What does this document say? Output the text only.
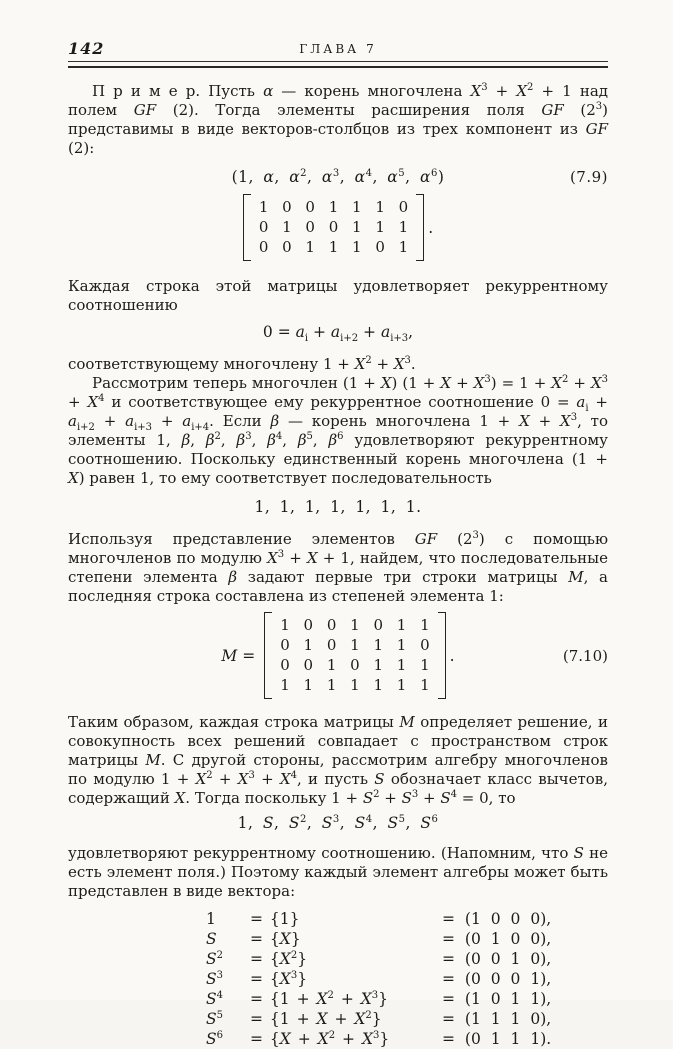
142	ГЛАВА 7

П р и м е р. Пусть α — корень многочлена $X^3 + X^2 + 1$ над полем GF (2). Тогда элементы расширения поля GF $(2^3)$ представимы в виде векторов-столбцов из трех компонент из GF (2):

(1, α, $\alpha^2$, $\alpha^3$, $\alpha^4$, $\alpha^5$, $\alpha^6$)	(7.9)
1 0 0 1 1 1 0
0 1 0 0 1 1 1
0 0 1 1 1 0 1
.

Каждая строка этой матрицы удовлетворяет рекуррентному соотношению

$0 = a_i + a_{i+2} + a_{i+3}$,

соответствующему многочлену $1 + X^2 + X^3$.

Рассмотрим теперь многочлен (1 + X) $(1 + X + X^3) = 1 + X^2 + X^3 + X^4$ и соответствующее ему рекуррентное соотношение $0 = a_i + a_{i+2} + a_{i+3} + a_{i+4}$. Если β — корень многочлена $1 + X + X^3$, то элементы 1, β, $\beta^2$, $\beta^3$, $\beta^4$, $\beta^5$, $\beta^6$ удовлетворяют рекуррентному соотношению. Поскольку единственный корень многочлена (1 + X) равен 1, то ему соответствует последовательность

1, 1, 1, 1, 1, 1, 1.

Используя представление элементов GF $(2^3)$ с помощью многочленов по модулю $X^3 + X + 1$, найдем, что последовательные степени элемента β задают первые три строки матрицы M, а последняя строка составлена из степеней элемента 1:

M =
1 0 0 1 0 1 1
0 1 0 1 1 1 0
0 0 1 0 1 1 1
1 1 1 1 1 1 1
.	(7.10)

Таким образом, каждая строка матрицы M определяет решение, и совокупность всех решений совпадает с пространством строк матрицы M. С другой стороны, рассмотрим алгебру многочленов по модулю $1 + X^2 + X^3 + X^4$, и пусть S обозначает класс вычетов, содержащий X. Тогда поскольку $1 + S^2 + S^3 + S^4 = 0$, то

1, S, $S^2$, $S^3$, $S^4$, $S^5$, $S^6$

удовлетворяют рекуррентному соотношению. (Напомним, что S не есть элемент поля.) Поэтому каждый элемент алгебры может быть представлен в виде вектора:

1	= {1}	= (1 0 0 0),
S	= {X}	= (0 1 0 0),
$S^2$	= $\{X^2\}$	= (0 0 1 0),
$S^3$	= $\{X^3\}$	= (0 0 0 1),
$S^4$	= $\{1 + X^2 + X^3\}$	= (1 0 1 1),
$S^5$	= $\{1 + X + X^2\}$	= (1 1 1 0),
$S^6$	= $\{X + X^2 + X^3\}$	= (0 1 1 1).
